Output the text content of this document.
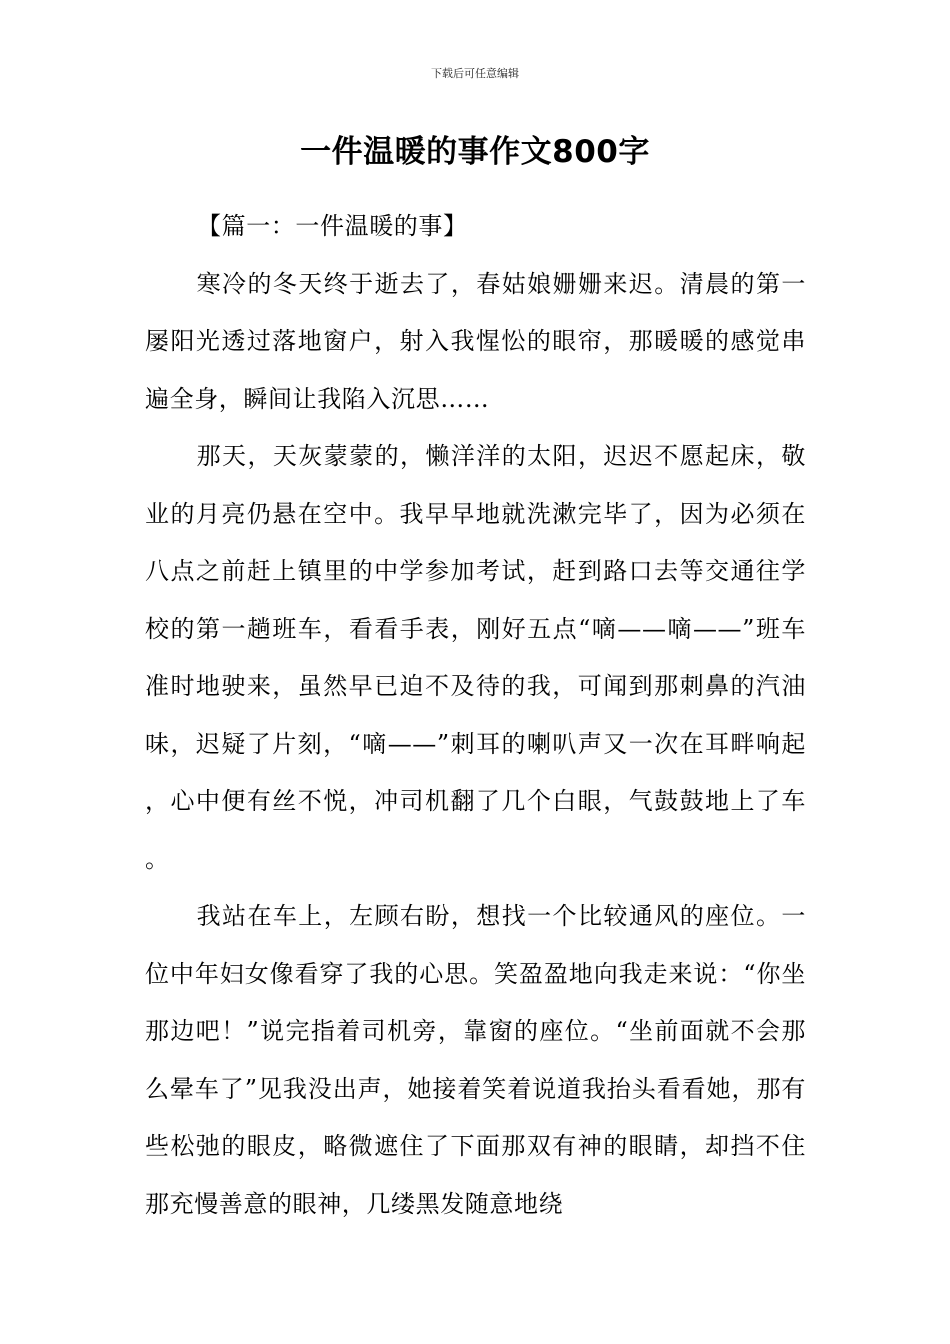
下载后可任意编辑
一件温暖的事作文800字
【篇一：一件温暖的事】

寒冷的冬天终于逝去了，春姑娘姗姗来迟。清晨的第一屡阳光透过落地窗户，射入我惺忪的眼帘，那暖暖的感觉串遍全身，瞬间让我陷入沉思……

那天，天灰蒙蒙的，懒洋洋的太阳，迟迟不愿起床，敬业的月亮仍悬在空中。我早早地就洗漱完毕了，因为必须在八点之前赶上镇里的中学参加考试，赶到路口去等交通往学校的第一趟班车，看看手表，刚好五点“嘀——嘀——”班车准时地驶来，虽然早已迫不及待的我，可闻到那刺鼻的汽油味，迟疑了片刻，“嘀——”刺耳的喇叭声又一次在耳畔响起，心中便有丝不悦，冲司机翻了几个白眼，气鼓鼓地上了车。

我站在车上，左顾右盼，想找一个比较通风的座位。一位中年妇女像看穿了我的心思。笑盈盈地向我走来说：“你坐那边吧！”说完指着司机旁，靠窗的座位。“坐前面就不会那么晕车了”见我没出声，她接着笑着说道我抬头看看她，那有些松弛的眼皮，略微遮住了下面那双有神的眼睛，却挡不住那充慢善意的眼神，几缕黑发随意地绕
